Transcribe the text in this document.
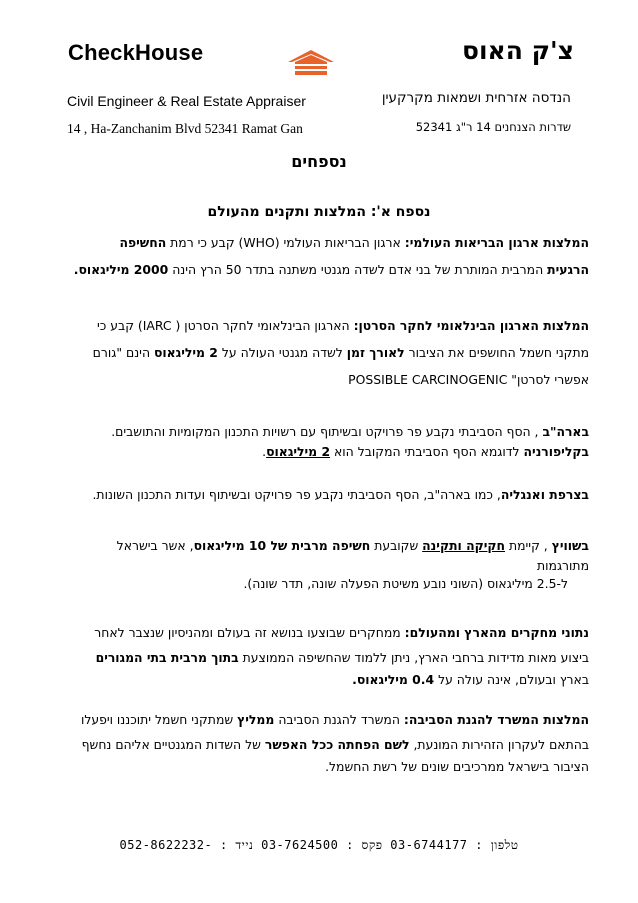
CheckHouse
Civil Engineer & Real Estate Appraiser
14 , Ha-Zanchanim Blvd 52341 Ramat Gan
צ'ק האוס
הנדסה אזרחית ושמאות מקרקעין
שדרות הצנחנים 14 ר"ג 52341
נספחים
נספח א': המלצות ותקנים מהעולם
המלצות ארגון הבריאות העולמי: ארגון הבריאות העולמי (WHO) קבע כי רמת החשיפה
הרגעית המרבית המותרת של בני אדם לשדה מגנטי משתנה בתדר 50 הרץ הינה 2000 מיליגאוס.
המלצות הארגון הבינלאומי לחקר הסרטן: הארגון הבינלאומי לחקר הסרטן ( IARC) קבע כי
מתקני חשמל החושפים את הציבור לאורך זמן לשדה מגנטי העולה על 2 מיליגאוס הינם "גורם
אפשרי לסרטן" POSSIBLE CARCINOGENIC
בארה"ב , הסף הסביבתי נקבע פר פרויקט ובשיתוף עם רשויות התכנון המקומיות והתושבים.
בקליפורניה לדוגמא הסף הסביבתי המקובל הוא 2 מיליגאוס.
בצרפת ואנגליה, כמו בארה"ב, הסף הסביבתי נקבע פר פרויקט ובשיתוף ועדות התכנון השונות.
בשוויץ , קיימת חקיקה ותקינה שקובעת חשיפה מרבית של 10 מיליגאוס, אשר בישראל
מתורגמות
ל-2.5 מיליגאוס (השוני נובע משיטת הפעלה שונה, תדר שונה).
נתוני מחקרים מהארץ ומהעולם: ממחקרים שבוצעו בנושא זה בעולם ומהניסיון שנצבר לאחר
ביצוע מאות מדידות ברחבי הארץ, ניתן ללמוד שהחשיפה הממוצעת בתוך מרבית בתי המגורים
בארץ ובעולם, אינה עולה על 0.4 מיליגאוס.
המלצות המשרד להגנת הסביבה: המשרד להגנת הסביבה ממליץ שמתקני חשמל יתוכננו ויפעלו
בהתאם לעקרון הזהירות המונעת, לשם הפחתה ככל האפשר של השדות המגנטיים אליהם נחשף
הציבור בישראל ממרכיבים שונים של רשת החשמל.
טלפון : 03-6744177 פקס : 03-7624500 נייד : -052-8622232
